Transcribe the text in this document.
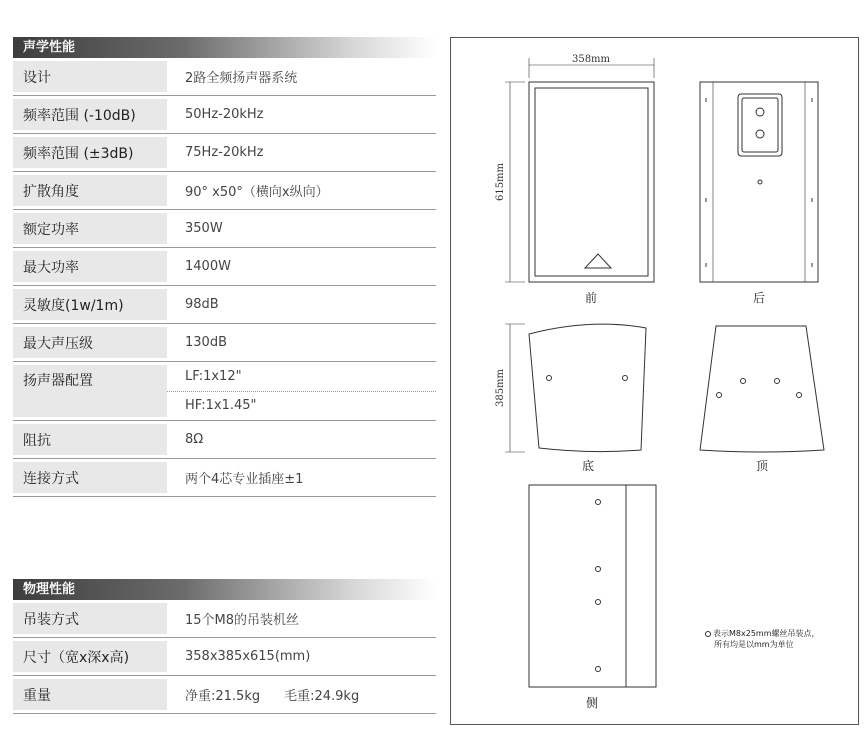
声学性能
设计	2路全频扬声器系统
频率范围 (-10dB)	50Hz-20kHz
频率范围 (±3dB)	75Hz-20kHz
扩散角度	90° x50°（横向x纵向）
额定功率	350W
最大功率	1400W
灵敏度(1w/1m)	98dB
最大声压级	130dB
扬声器配置	LF:1x12"
HF:1x1.45"
阻抗	8Ω
连接方式	两个4芯专业插座±1
物理性能
吊装方式	15个M8的吊装机丝
尺寸（宽x深x高)	358x385x615(mm)
重量	净重:21.5kg 毛重:24.9kg
358mm
615mm
385mm
前	后
底	顶
侧
表示M8x25mm螺丝吊装点，
所有均是以mm为单位
